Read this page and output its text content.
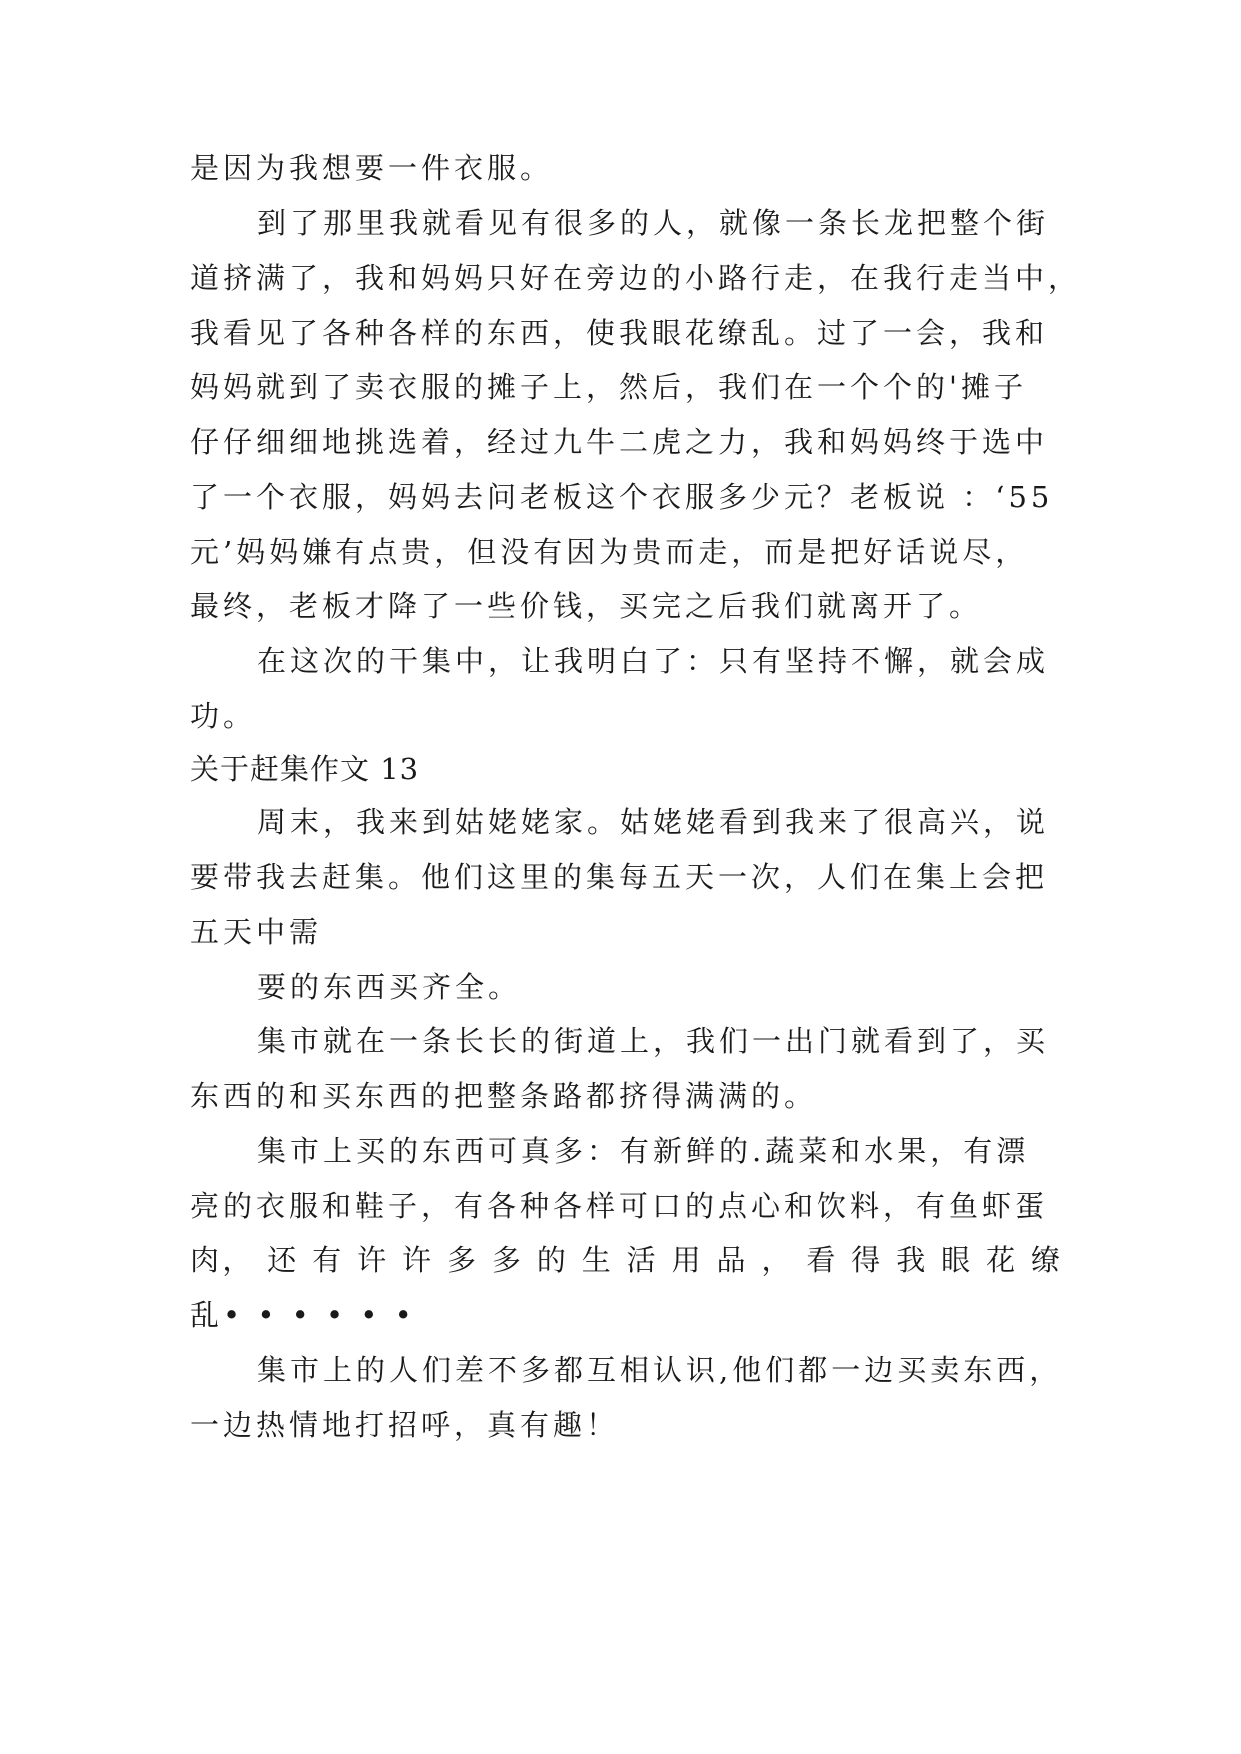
是因为我想要一件衣服。
到了那里我就看见有很多的人，就像一条长龙把整个街
道挤满了，我和妈妈只好在旁边的小路行走，在我行走当中，
我看见了各种各样的东西，使我眼花缭乱。过了一会，我和
妈妈就到了卖衣服的摊子上，然后，我们在一个个的'摊子
仔仔细细地挑选着，经过九牛二虎之力，我和妈妈终于选中
了一个衣服，妈妈去问老板这个衣服多少元？老板说 ：‘55
元’妈妈嫌有点贵，但没有因为贵而走，而是把好话说尽，
最终，老板才降了一些价钱，买完之后我们就离开了。
在这次的干集中，让我明白了：只有坚持不懈，就会成
功。
关于赶集作文 13
周末，我来到姑姥姥家。姑姥姥看到我来了很高兴，说
要带我去赶集。他们这里的集每五天一次，人们在集上会把
五天中需
要的东西买齐全。
集市就在一条长长的街道上，我们一出门就看到了，买
东西的和买东西的把整条路都挤得满满的。
集市上买的东西可真多：有新鲜的.蔬菜和水果，有漂
亮的衣服和鞋子，有各种各样可口的点心和饮料，有鱼虾蛋
肉， 还 有 许 许 多 多 的 生 活 用 品 ， 看 得 我 眼 花 缭
乱• • • • • •
集市上的人们差不多都互相认识,他们都一边买卖东西，
一边热情地打招呼，真有趣！
